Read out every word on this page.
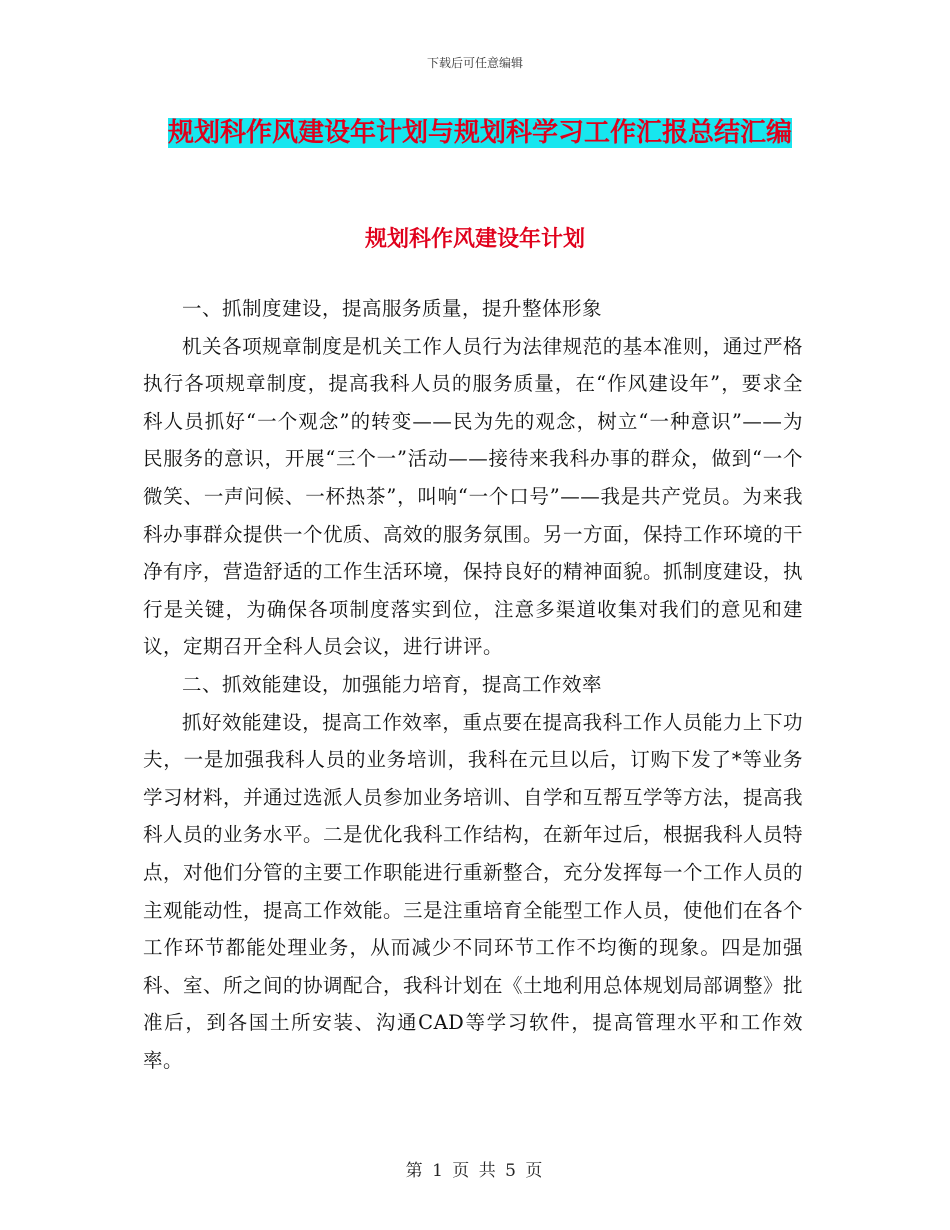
下载后可任意编辑
规划科作风建设年计划与规划科学习工作汇报总结汇编
规划科作风建设年计划

一、抓制度建设，提高服务质量，提升整体形象

机关各项规章制度是机关工作人员行为法律规范的基本准则，通过严格执行各项规章制度，提高我科人员的服务质量，在“作风建设年”，要求全科人员抓好“一个观念”的转变——民为先的观念，树立“一种意识”——为民服务的意识，开展“三个一”活动——接待来我科办事的群众，做到“一个微笑、一声问候、一杯热茶”，叫响“一个口号”——我是共产党员。为来我科办事群众提供一个优质、高效的服务氛围。另一方面，保持工作环境的干净有序，营造舒适的工作生活环境，保持良好的精神面貌。抓制度建设，执行是关键，为确保各项制度落实到位，注意多渠道收集对我们的意见和建议，定期召开全科人员会议，进行讲评。

二、抓效能建设，加强能力培育，提高工作效率

抓好效能建设，提高工作效率，重点要在提高我科工作人员能力上下功夫，一是加强我科人员的业务培训，我科在元旦以后，订购下发了*等业务学习材料，并通过选派人员参加业务培训、自学和互帮互学等方法，提高我科人员的业务水平。二是优化我科工作结构，在新年过后，根据我科人员特点，对他们分管的主要工作职能进行重新整合，充分发挥每一个工作人员的主观能动性，提高工作效能。三是注重培育全能型工作人员，使他们在各个工作环节都能处理业务，从而减少不同环节工作不均衡的现象。四是加强科、室、所之间的协调配合，我科计划在《土地利用总体规划局部调整》批准后，到各国土所安装、沟通CAD等学习软件，提高管理水平和工作效率。

第 1 页 共 5 页
